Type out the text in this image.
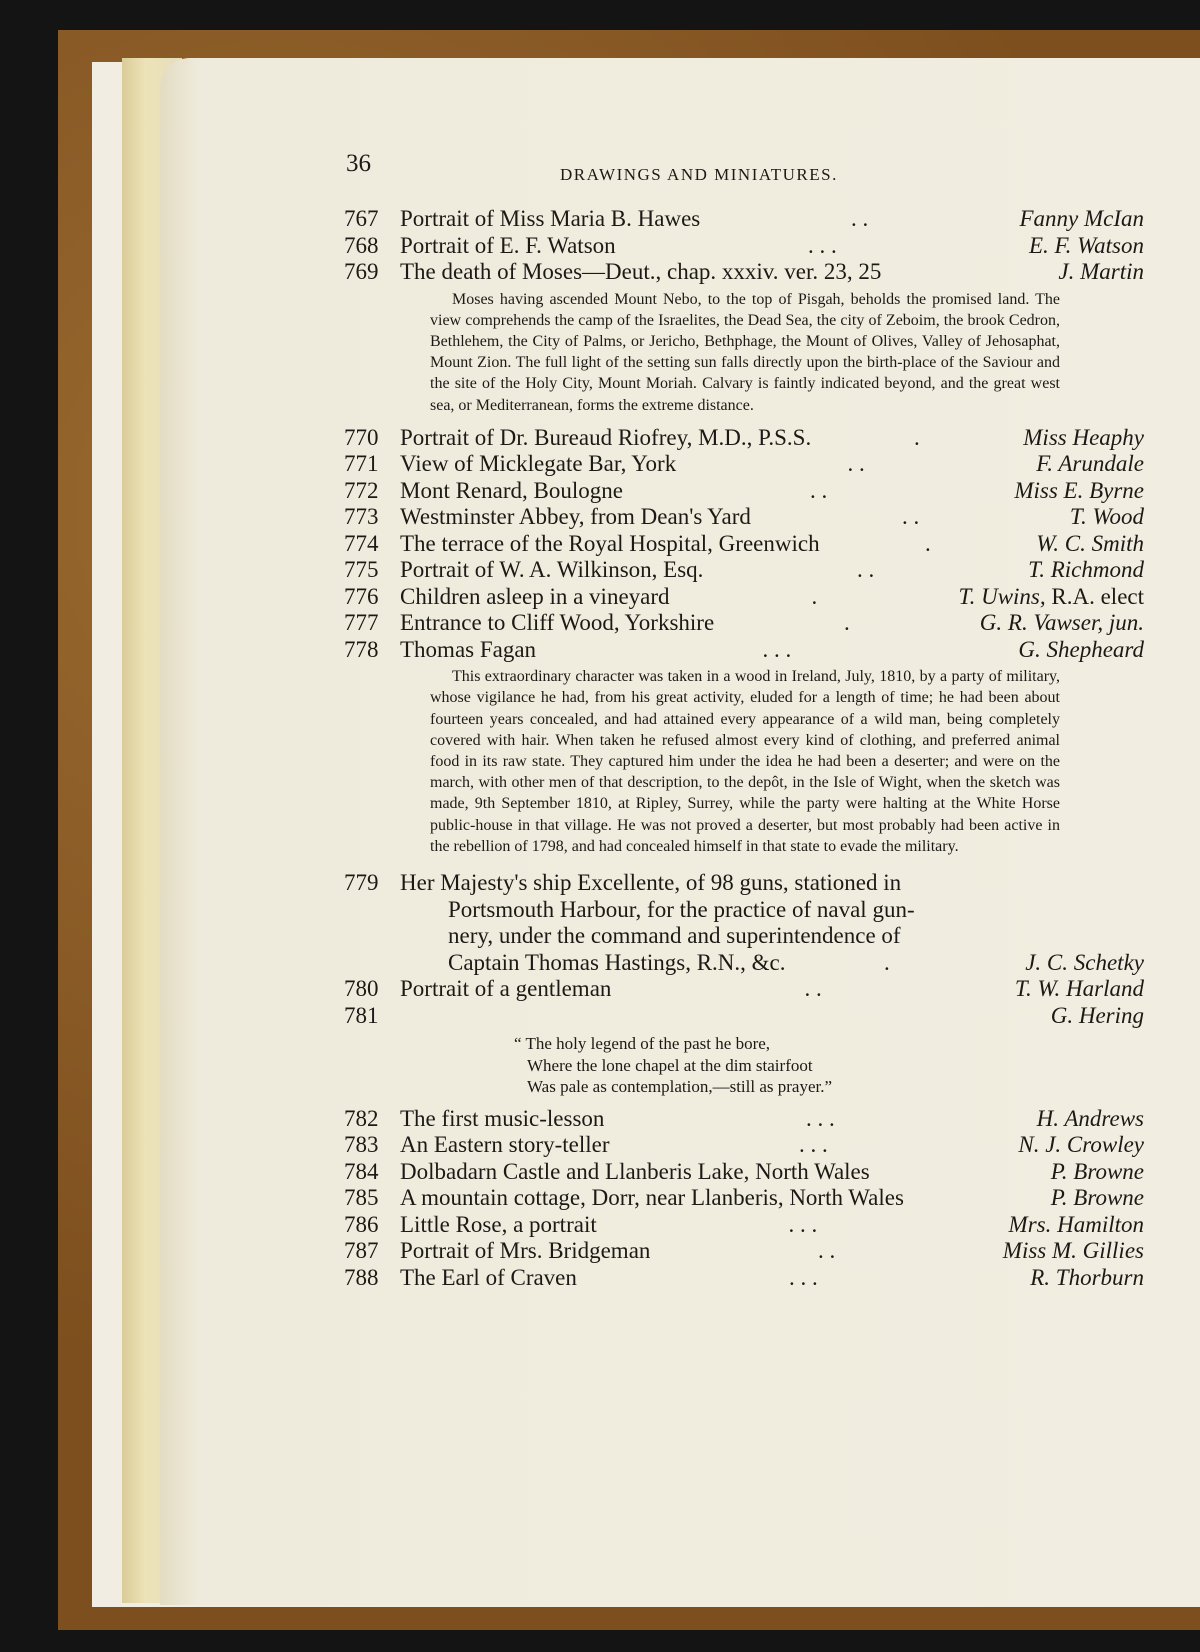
36	DRAWINGS AND MINIATURES.
767 Portrait of Miss Maria B. Hawes	. .	Fanny McIan
768 Portrait of E. F. Watson	. . .	E. F. Watson
769 The death of Moses—Deut., chap. xxxiv. ver. 23, 25	J. Martin

Moses having ascended Mount Nebo, to the top of Pisgah, beholds the promised land. The view comprehends the camp of the Israelites, the Dead Sea, the city of Zeboim, the brook Cedron, Bethlehem, the City of Palms, or Jericho, Bethphage, the Mount of Olives, Valley of Jehosaphat, Mount Zion. The full light of the setting sun falls directly upon the birth-place of the Saviour and the site of the Holy City, Mount Moriah. Calvary is faintly indicated beyond, and the great west sea, or Mediterranean, forms the extreme distance.

770 Portrait of Dr. Bureaud Riofrey, M.D., P.S.S.	.	Miss Heaphy
771 View of Micklegate Bar, York	. .	F. Arundale
772 Mont Renard, Boulogne	. .	Miss E. Byrne
773 Westminster Abbey, from Dean's Yard	. .	T. Wood
774 The terrace of the Royal Hospital, Greenwich	.	W. C. Smith
775 Portrait of W. A. Wilkinson, Esq.	. .	T. Richmond
776 Children asleep in a vineyard	.	T. Uwins, R.A. elect
777 Entrance to Cliff Wood, Yorkshire	.	G. R. Vawser, jun.
778 Thomas Fagan	. . .	G. Shepheard

This extraordinary character was taken in a wood in Ireland, July, 1810, by a party of military, whose vigilance he had, from his great activity, eluded for a length of time; he had been about fourteen years concealed, and had attained every appearance of a wild man, being completely covered with hair. When taken he refused almost every kind of clothing, and preferred animal food in its raw state. They captured him under the idea he had been a deserter; and were on the march, with other men of that description, to the depôt, in the Isle of Wight, when the sketch was made, 9th September 1810, at Ripley, Surrey, while the party were halting at the White Horse public-house in that village. He was not proved a deserter, but most probably had been active in the rebellion of 1798, and had concealed himself in that state to evade the military.

779 Her Majesty's ship Excellente, of 98 guns, stationed in
Portsmouth Harbour, for the practice of naval gun-
nery, under the command and superintendence of
Captain Thomas Hastings, R.N., &c.	.	J. C. Schetky
780 Portrait of a gentleman	. .	T. W. Harland
781	G. Hering
“ The holy legend of the past he bore,
Where the lone chapel at the dim stairfoot
Was pale as contemplation,—still as prayer.”
782 The first music-lesson	. . .	H. Andrews
783 An Eastern story-teller	. . .	N. J. Crowley
784 Dolbadarn Castle and Llanberis Lake, North Wales	P. Browne
785 A mountain cottage, Dorr, near Llanberis, North Wales	P. Browne
786 Little Rose, a portrait	. . .	Mrs. Hamilton
787 Portrait of Mrs. Bridgeman	. .	Miss M. Gillies
788 The Earl of Craven	. . .	R. Thorburn
